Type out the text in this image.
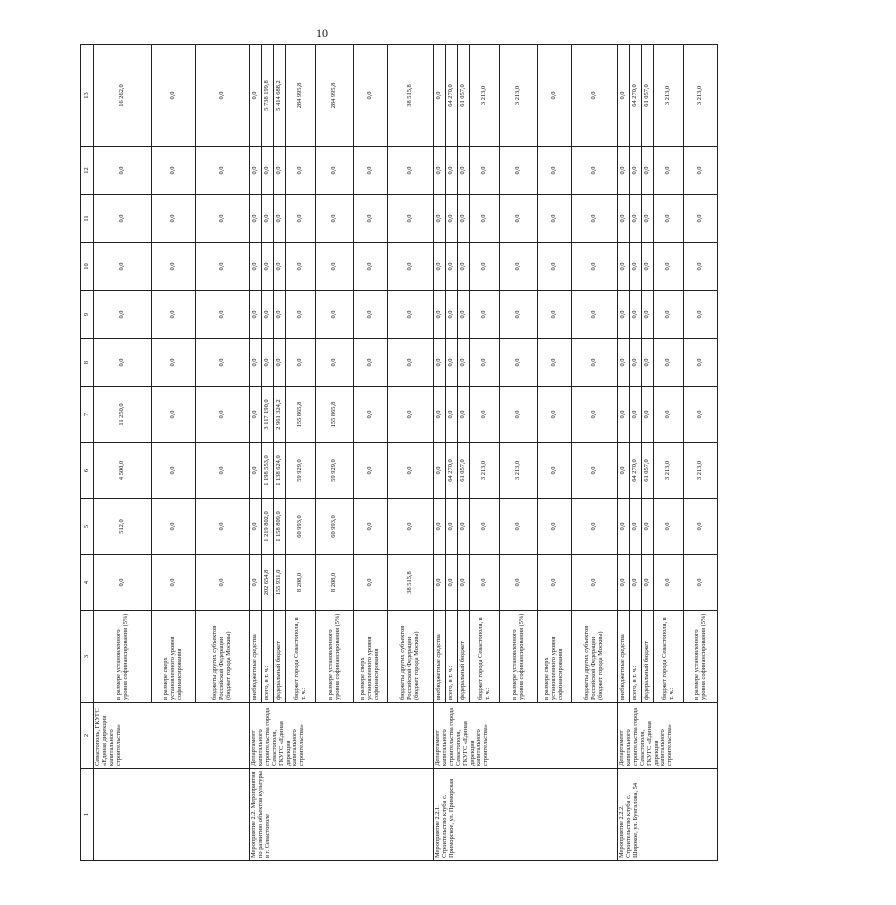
10
1	2	3	4	5	6	7	8	9	10	11	12	13
	Севастополь, ГКУГС «Единая дирекция капитального строительства»	в размере установленного уровня софинансирования (5%)	0,0	512,0	4 500,0	11 250,0	0,0	0,0	0,0	0,0	0,0	16 262,0
		в размере сверх установленного уровня софинансирования	0,0	0,0	0,0	0,0	0,0	0,0	0,0	0,0	0,0	0,0
		бюджеты других субъектов Российской Федерации (бюджет города Москвы)	0,0	0,0	0,0	0,0	0,0	0,0	0,0	0,0	0,0	0,0
Мероприятие 2.2. Мероприятия по развитию объектов культуры в г. Севастополе	Департамент капитального строительства города Севастополя, ГКУГС «Единая дирекция капитального строительства»	внебюджетные средства	0,0	0,0	0,0	0,0	0,0	0,0	0,0	0,0	0,0	0,0
		всего, в т. ч.:	202 654,8	1 219 802,0	1 198 553,0	3 117 190,0	0,0	0,0	0,0	0,0	0,0	5 738 199,8
		федеральный бюджет	155 931,0	1 158 809,0	1 138 624,0	2 961 324,2	0,0	0,0	0,0	0,0	0,0	5 414 688,2
		бюджет города Севастополя, в т. ч.:	8 208,0	60 993,0	59 929,0	155 865,8	0,0	0,0	0,0	0,0	0,0	284 995,8
		в размере установленного уровня софинансирования (5%)	8 208,0	60 993,0	59 929,0	155 865,8	0,0	0,0	0,0	0,0	0,0	284 995,8
		в размере сверх установленного уровня софинансирования	0,0	0,0	0,0	0,0	0,0	0,0	0,0	0,0	0,0	0,0
		бюджеты других субъектов Российской Федерации (бюджет города Москвы)	38 515,8	0,0	0,0	0,0	0,0	0,0	0,0	0,0	0,0	38 515,8
Мероприятие 2.2.1. Строительство клуба с. Приморское, ул. Приморская	Департамент капитального строительства города Севастополя, ГКУГС «Единая дирекция капитального строительства»	внебюджетные средства	0,0	0,0	0,0	0,0	0,0	0,0	0,0	0,0	0,0	0,0
		всего, в т. ч.:	0,0	0,0	64 270,0	0,0	0,0	0,0	0,0	0,0	0,0	64 270,0
		федеральный бюджет	0,0	0,0	61 057,0	0,0	0,0	0,0	0,0	0,0	0,0	61 057,0
		бюджет города Севастополя, в т. ч.:	0,0	0,0	3 213,0	0,0	0,0	0,0	0,0	0,0	0,0	3 213,0
		в размере установленного уровня софинансирования (5%)	0,0	0,0	3 213,0	0,0	0,0	0,0	0,0	0,0	0,0	3 213,0
		в размере сверх установленного уровня софинансирования	0,0	0,0	0,0	0,0	0,0	0,0	0,0	0,0	0,0	0,0
		бюджеты других субъектов Российской Федерации (бюджет города Москвы)	0,0	0,0	0,0	0,0	0,0	0,0	0,0	0,0	0,0	0,0
Мероприятие 2.2.2. Строительство клуба с. Широкое, ул. Бунгалова, 54	Департамент капитального строительства города Севастополя, ГКУГС «Единая дирекция капитального строительства»	внебюджетные средства	0,0	0,0	0,0	0,0	0,0	0,0	0,0	0,0	0,0	0,0
		всего, в т. ч.:	0,0	0,0	64 270,0	0,0	0,0	0,0	0,0	0,0	0,0	64 270,0
		федеральный бюджет	0,0	0,0	61 057,0	0,0	0,0	0,0	0,0	0,0	0,0	61 057,0
		бюджет города Севастополя, в т. ч.:	0,0	0,0	3 213,0	0,0	0,0	0,0	0,0	0,0	0,0	3 213,0
		в размере установленного уровня софинансирования (5%)	0,0	0,0	3 213,0	0,0	0,0	0,0	0,0	0,0	0,0	3 213,0
